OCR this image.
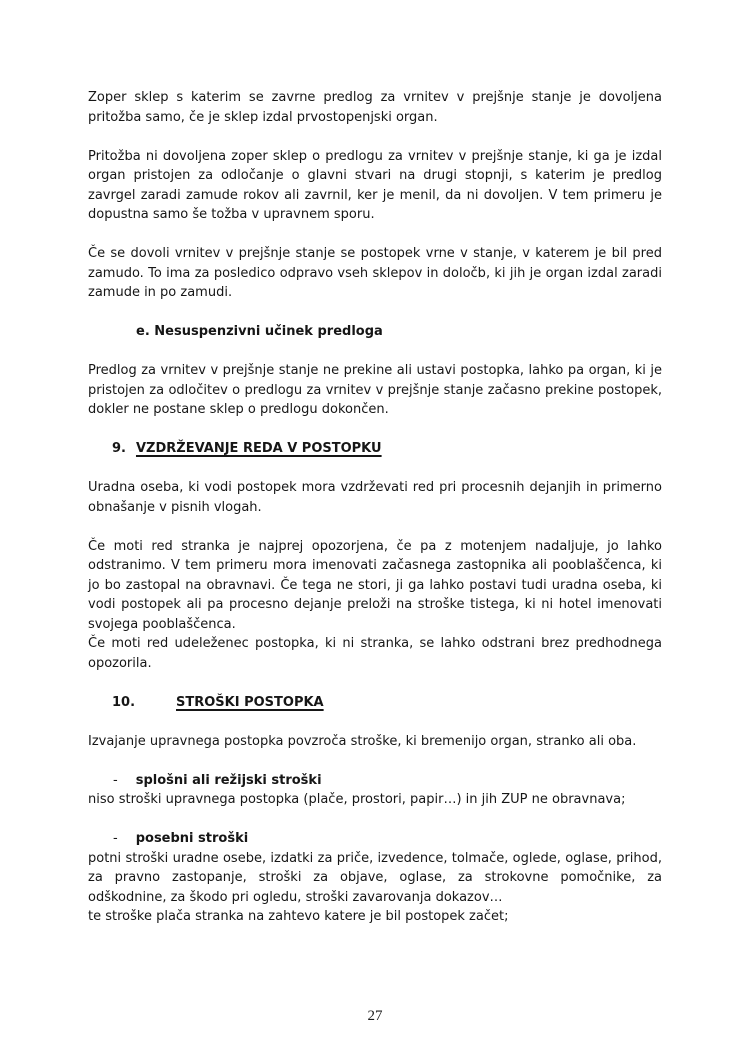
Zoper sklep s katerim se zavrne predlog za vrnitev v prejšnje stanje je dovoljena pritožba samo, če je sklep izdal prvostopenjski organ.

Pritožba ni dovoljena zoper sklep o predlogu za vrnitev v prejšnje stanje, ki ga je izdal organ pristojen za odločanje o glavni stvari na drugi stopnji, s katerim je predlog zavrgel zaradi zamude rokov ali zavrnil, ker je menil, da ni dovoljen. V tem primeru je dopustna samo še tožba v upravnem sporu.

Če se dovoli vrnitev v prejšnje stanje se postopek vrne v stanje, v katerem je bil pred zamudo. To ima za posledico odpravo vseh sklepov in določb, ki jih je organ izdal zaradi zamude in po zamudi.

e. Nesuspenzivni učinek predloga

Predlog za vrnitev v prejšnje stanje ne prekine ali ustavi postopka, lahko pa organ, ki je pristojen za odločitev o predlogu za vrnitev v prejšnje stanje začasno prekine postopek, dokler ne postane sklep o predlogu dokončen.

9. VZDRŽEVANJE REDA V POSTOPKU

Uradna oseba, ki vodi postopek mora vzdrževati red pri procesnih dejanjih in primerno obnašanje v pisnih vlogah.

Če moti red stranka je najprej opozorjena, če pa z motenjem nadaljuje, jo lahko odstranimo. V tem primeru mora imenovati začasnega zastopnika ali pooblaščenca, ki jo bo zastopal na obravnavi. Če tega ne stori, ji ga lahko postavi tudi uradna oseba, ki vodi postopek ali pa procesno dejanje preloži na stroške tistega, ki ni hotel imenovati svojega pooblaščenca.

Če moti red udeleženec postopka, ki ni stranka, se lahko odstrani brez predhodnega opozorila.

10.	STROŠKI POSTOPKA

Izvajanje upravnega postopka povzroča stroške, ki bremenijo organ, stranko ali oba.

- splošni ali režijski stroški

niso stroški upravnega postopka (plače, prostori, papir…) in jih ZUP ne obravnava;

- posebni stroški

potni stroški uradne osebe, izdatki za priče, izvedence, tolmače, oglede, oglase, prihod, za pravno zastopanje, stroški za objave, oglase, za strokovne pomočnike, za odškodnine, za škodo pri ogledu, stroški zavarovanja dokazov…

te stroške plača stranka na zahtevo katere je bil postopek začet;

27
